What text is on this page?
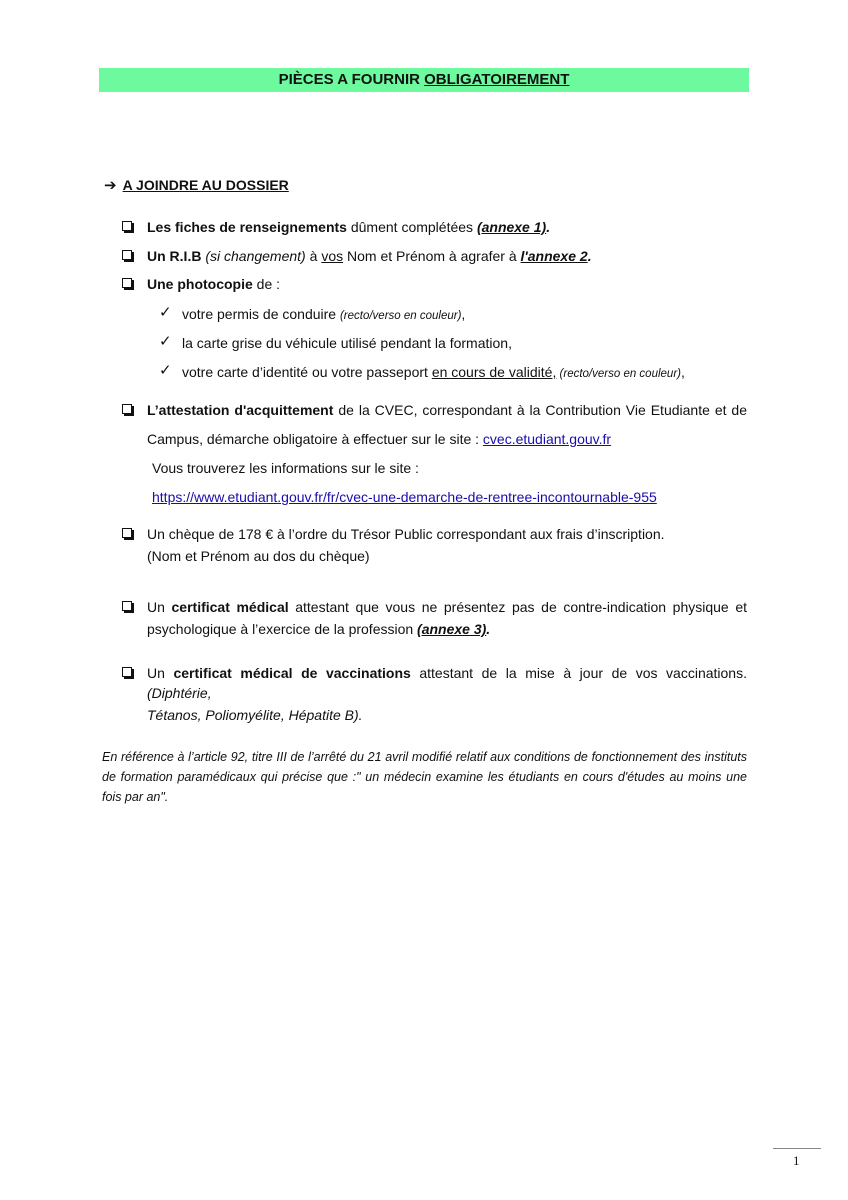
PIÈCES A FOURNIR OBLIGATOIREMENT
➔ A JOINDRE AU DOSSIER
Les fiches de renseignements dûment complétées (annexe 1).
Un R.I.B (si changement) à vos Nom et Prénom à agrafer à l'annexe 2.
Une photocopie de :
✓ votre permis de conduire (recto/verso en couleur),
✓ la carte grise du véhicule utilisé pendant la formation,
✓ votre carte d’identité ou votre passeport en cours de validité, (recto/verso en couleur),
L’attestation d'acquittement de la CVEC, correspondant à la Contribution Vie Etudiante et de
Campus, démarche obligatoire à effectuer sur le site : cvec.etudiant.gouv.fr
Vous trouverez les informations sur le site :
https://www.etudiant.gouv.fr/fr/cvec-une-demarche-de-rentree-incontournable-955
Un chèque de 178 € à l’ordre du Trésor Public correspondant aux frais d’inscription.
(Nom et Prénom au dos du chèque)
Un certificat médical attestant que vous ne présentez pas de contre-indication physique et
psychologique à l’exercice de la profession (annexe 3).
Un certificat médical de vaccinations attestant de la mise à jour de vos vaccinations. (Diphtérie,
Tétanos, Poliomyélite, Hépatite B).
En référence à l’article 92, titre III de l’arrêté du 21 avril modifié relatif aux conditions de fonctionnement des instituts de formation paramédicaux qui précise que :" un médecin examine les étudiants en cours d'études au moins une fois par an".
1
